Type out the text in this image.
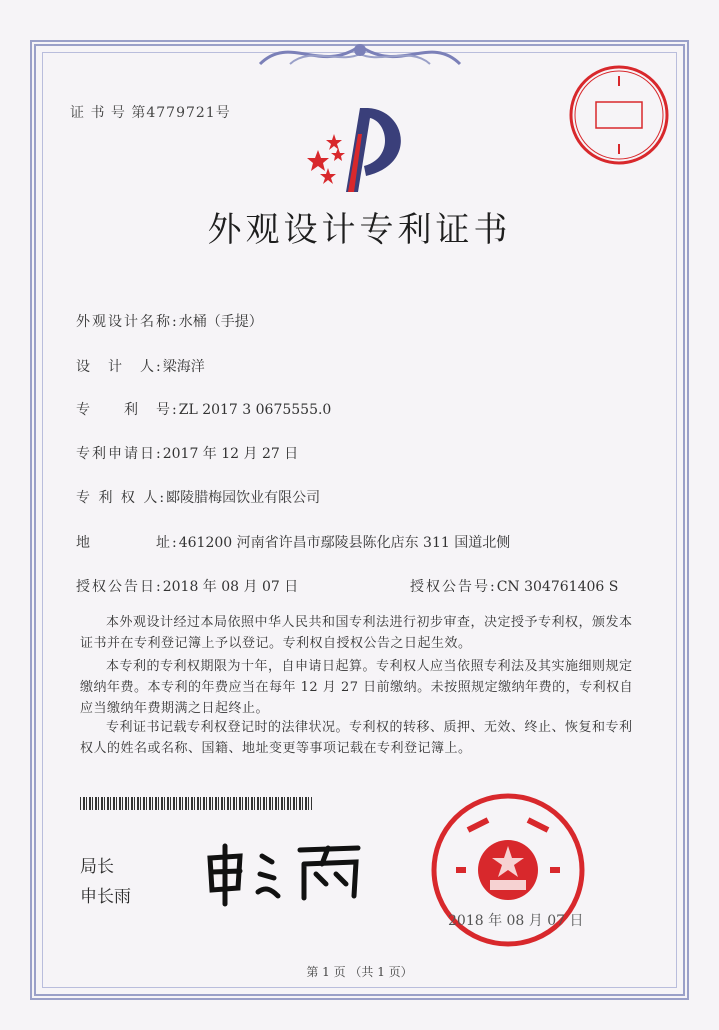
证 书 号 第4779721号
外观设计专利证书
外观设计名称:水桶（手提）
设　计　人:梁海洋
专　　利　号:ZL 2017 3 0675555.0
专利申请日:2017 年 12 月 27 日
专 利 权 人:郾陵腊梅园饮业有限公司
地　　　　址:461200 河南省许昌市鄢陵县陈化店东 311 国道北侧
授权公告日:2018 年 08 月 07 日	授权公告号:CN 304761406 S

本外观设计经过本局依照中华人民共和国专利法进行初步审查，决定授予专利权，颁发本证书并在专利登记簿上予以登记。专利权自授权公告之日起生效。

本专利的专利权期限为十年，自申请日起算。专利权人应当依照专利法及其实施细则规定缴纳年费。本专利的年费应当在每年 12 月 27 日前缴纳。未按照规定缴纳年费的，专利权自应当缴纳年费期满之日起终止。

专利证书记载专利权登记时的法律状况。专利权的转移、质押、无效、终止、恢复和专利权人的姓名或名称、国籍、地址变更等事项记载在专利登记簿上。

局长
申长雨
2018 年 08 月 07 日
第 1 页 （共 1 页）
